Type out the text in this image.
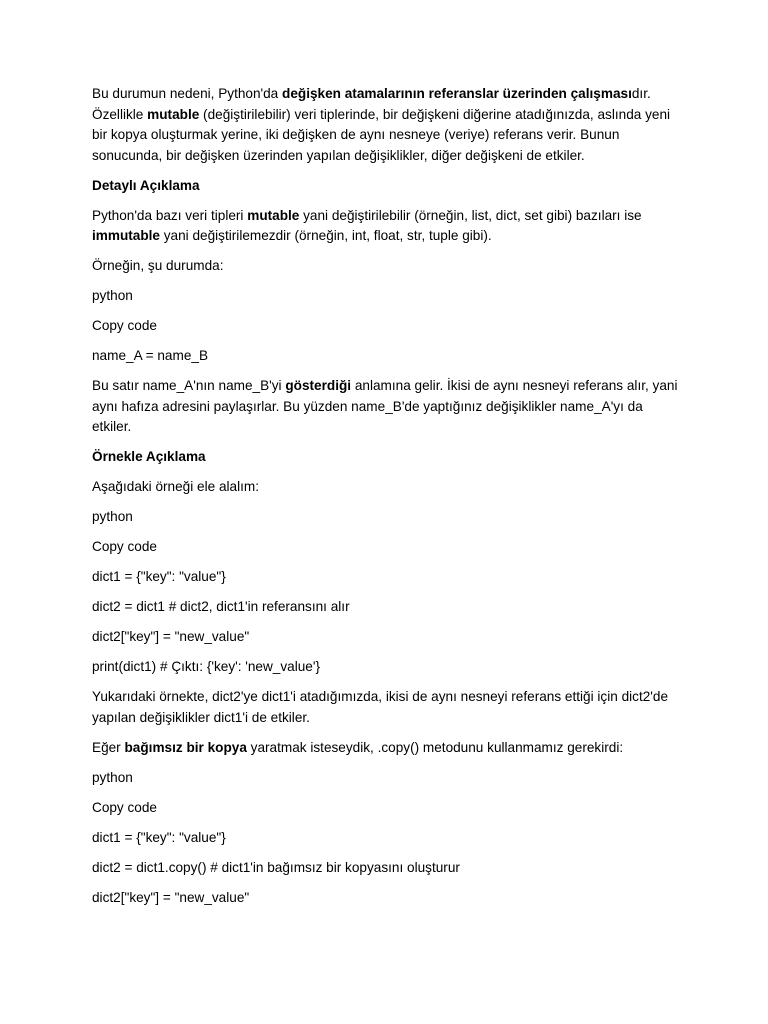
Bu durumun nedeni, Python'da değişken atamalarının referanslar üzerinden çalışmasıdır. Özellikle mutable (değiştirilebilir) veri tiplerinde, bir değişkeni diğerine atadığınızda, aslında yeni bir kopya oluşturmak yerine, iki değişken de aynı nesneye (veriye) referans verir. Bunun sonucunda, bir değişken üzerinden yapılan değişiklikler, diğer değişkeni de etkiler.

Detaylı Açıklama

Python'da bazı veri tipleri mutable yani değiştirilebilir (örneğin, list, dict, set gibi) bazıları ise immutable yani değiştirilemezdir (örneğin, int, float, str, tuple gibi).

Örneğin, şu durumda:

python

Copy code

name_A = name_B

Bu satır name_A'nın name_B'yi gösterdiği anlamına gelir. İkisi de aynı nesneyi referans alır, yani aynı hafıza adresini paylaşırlar. Bu yüzden name_B'de yaptığınız değişiklikler name_A'yı da etkiler.

Örnekle Açıklama

Aşağıdaki örneği ele alalım:

python

Copy code

dict1 = {"key": "value"}

dict2 = dict1 # dict2, dict1'in referansını alır

dict2["key"] = "new_value"

print(dict1) # Çıktı: {'key': 'new_value'}

Yukarıdaki örnekte, dict2'ye dict1'i atadığımızda, ikisi de aynı nesneyi referans ettiği için dict2'de yapılan değişiklikler dict1'i de etkiler.

Eğer bağımsız bir kopya yaratmak isteseydik, .copy() metodunu kullanmamız gerekirdi:

python

Copy code

dict1 = {"key": "value"}

dict2 = dict1.copy() # dict1'in bağımsız bir kopyasını oluşturur

dict2["key"] = "new_value"
